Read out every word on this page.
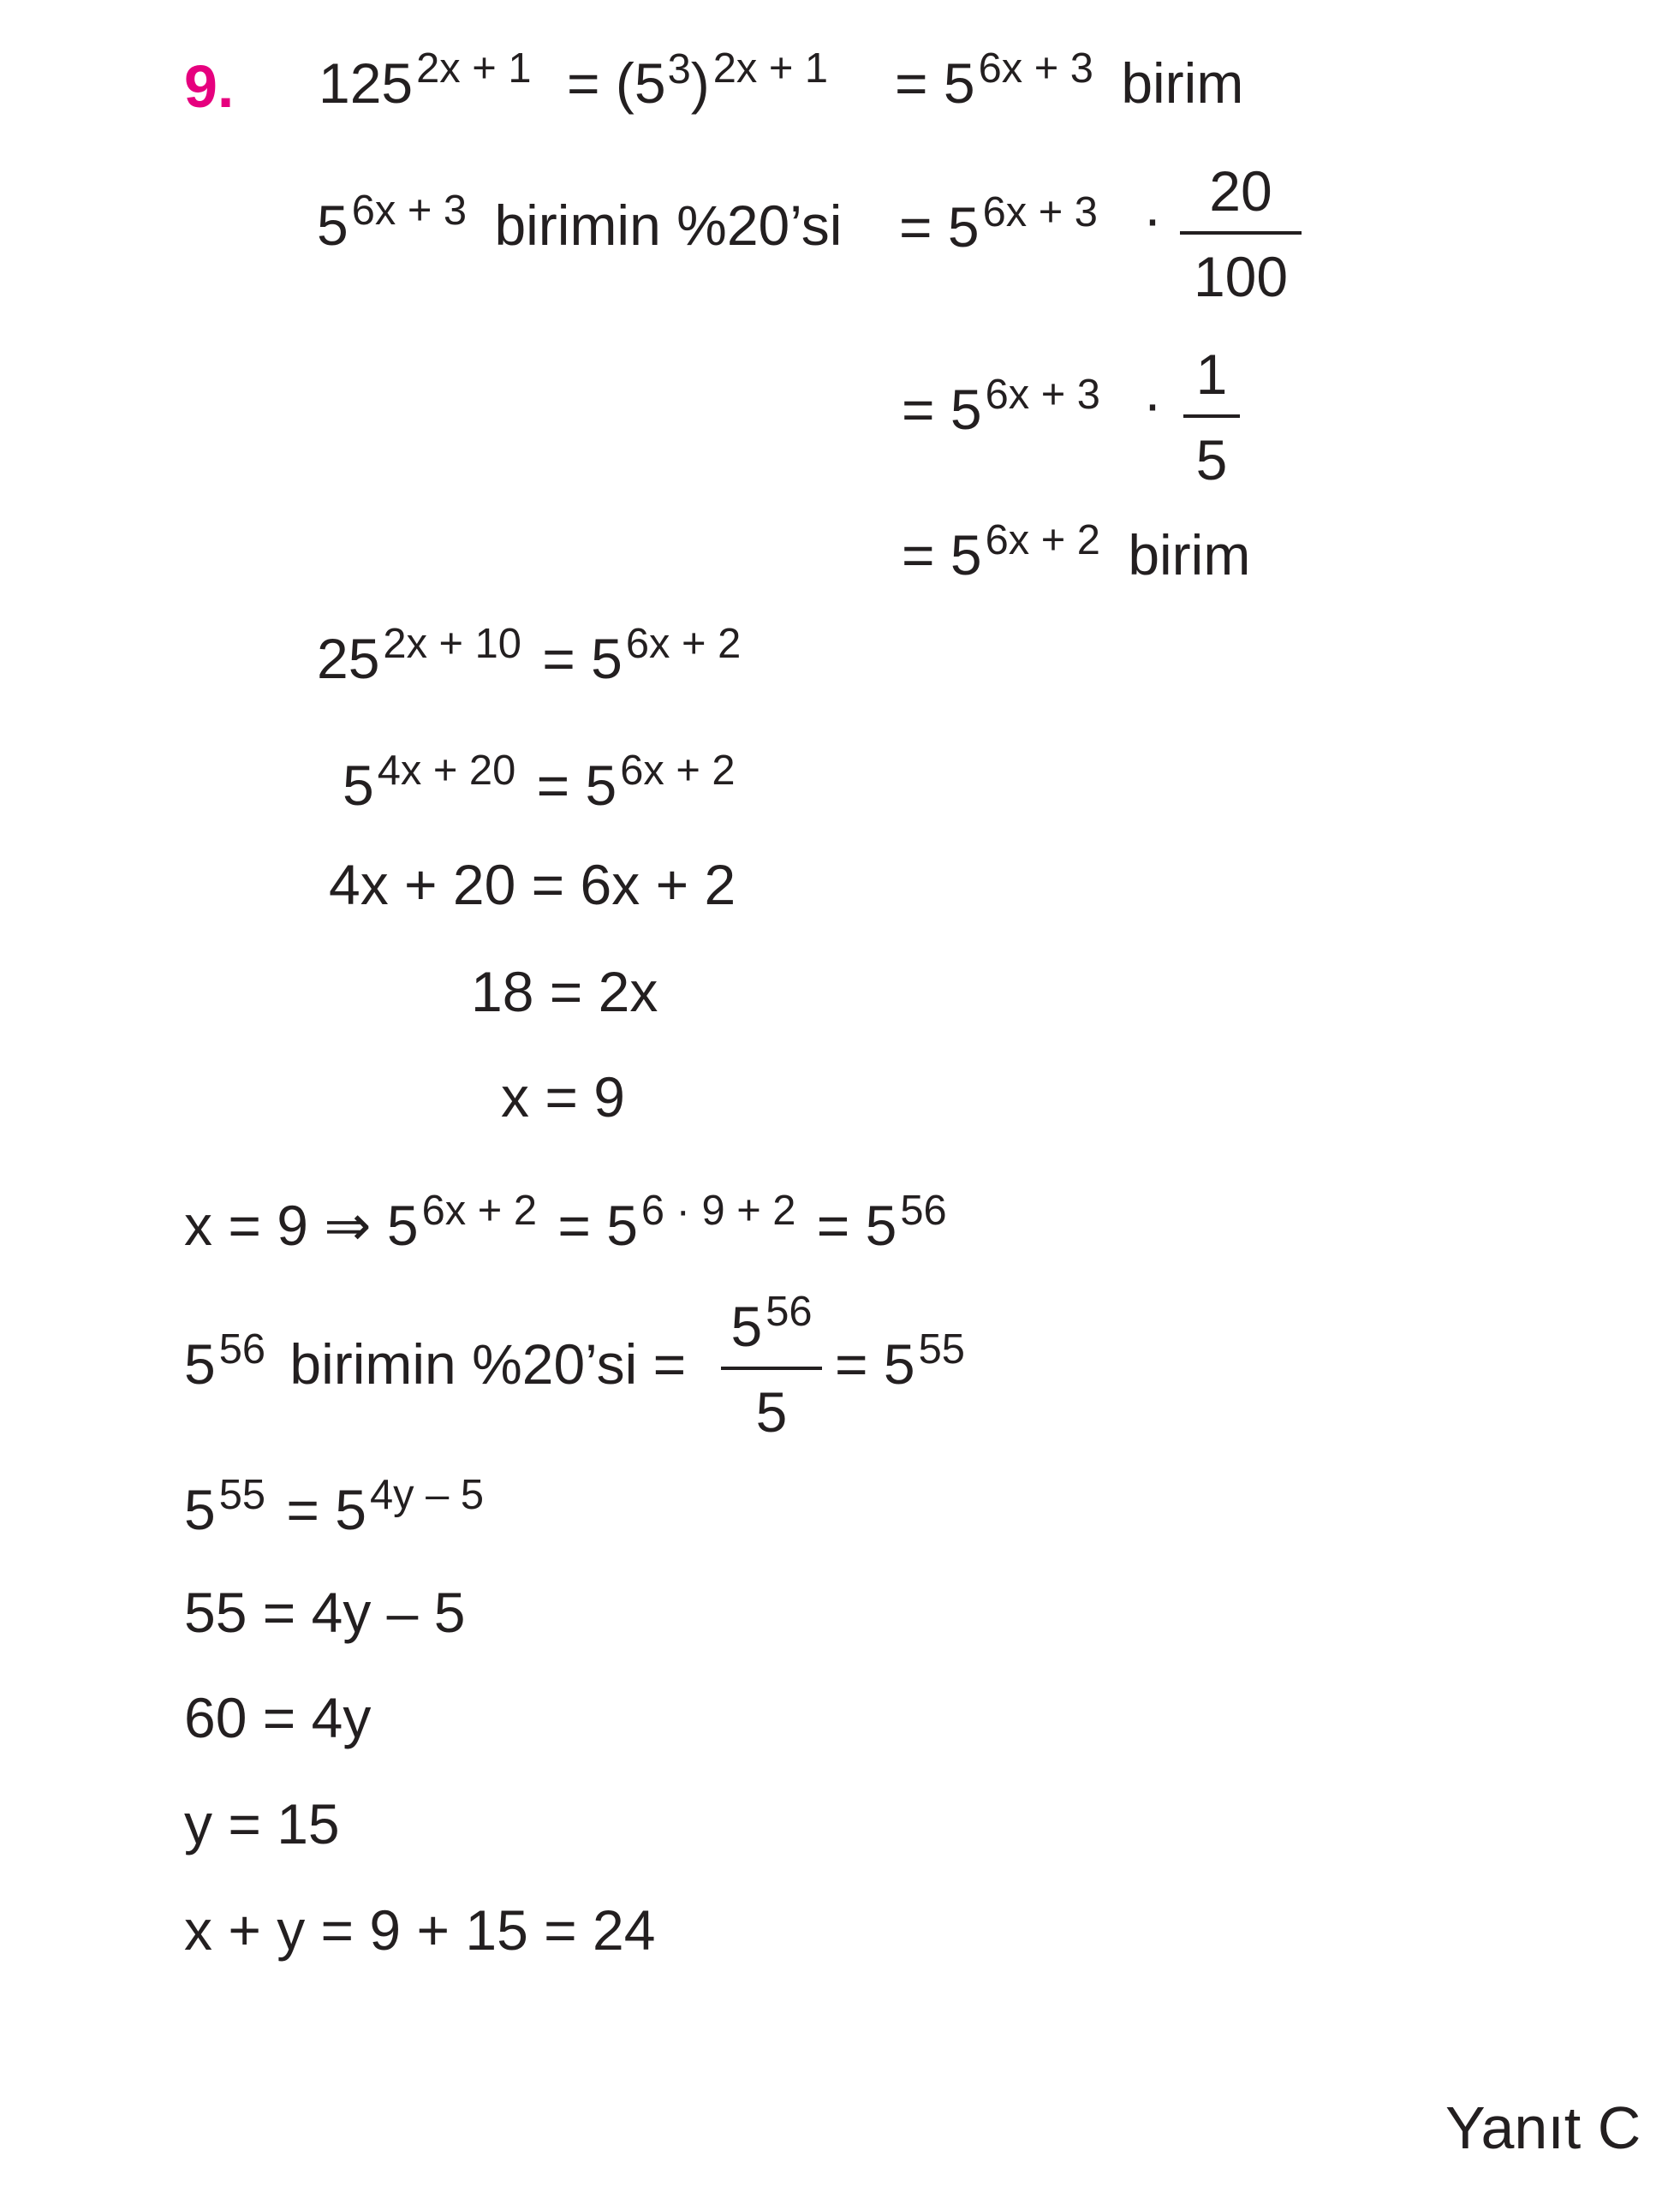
9. $125^{2x + 1} = (5^3)^{2x + 1} = 5^{6x + 3}$ birim
$5^{6x + 3}$ birimin %20’si = $5^{6x + 3} \cdot 20$
100
= $5^{6x + 3} \cdot 1$
5
= $5^{6x + 2}$ birim
$25^{2x + 10} = 5^{6x + 2}$
$5^{4x + 20} = 5^{6x + 2}$
4x + 20 = 6x + 2
18 = 2x
x = 9
x = 9 ⇒ $5^{6x + 2} = 5^{6 \cdot 9 + 2} = 5^{56}$
$5^{56}$ birimin %20’si =
$5^{56}$
5
= $5^{55}$
$5^{55} = 5^{4y - 5}$
55 = 4y – 5
60 = 4y
y = 15
x + y = 9 + 15 = 24
Yanıt C
